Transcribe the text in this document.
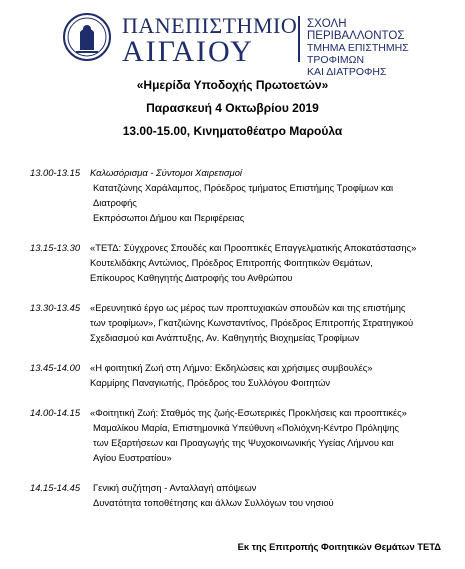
ΠΑΝΕΠΙΣΤΗΜΙΟ
ΑΙΓΑΙΟΥ
ΣΧΟΛΗ ΠΕΡΙΒΑΛΛΟΝΤΟΣ
ΤΜΗΜΑ ΕΠΙΣΤΗΜΗΣ ΤΡΟΦΙΜΩΝ
ΚΑΙ ΔΙΑΤΡΟΦΗΣ
«Ημερίδα Υποδοχής Πρωτοετών»
Παρασκευή 4 Οκτωβρίου 2019
13.00-15.00, Κινηματοθέατρο Μαρούλα
13.00-13.15	Καλωσόρισμα - Σύντομοι Χαιρετισμοί
Κατατζώνης Χαράλαμπος, Πρόεδρος τμήματος Επιστήμης Τροφίμων και
Διατροφής
Εκπρόσωποι Δήμου και Περιφέρειας
13.15-13.30	«ΤΕΤΔ: Σύγχρονες Σπουδές και Προοπτικές Επαγγελματικής Αποκατάστασης»
Κουτελιδάκης Αντώνιος, Πρόεδρος Επιτροπής Φοιτητικών Θεμάτων,
Επίκουρος Καθηγητής Διατροφής του Ανθρώπου
13.30-13.45	«Ερευνητικό έργο ως μέρος των προπτυχιακών σπουδών και της επιστήμης
των τροφίμων», Γκατζιώνης Κωνσταντίνος, Πρόεδρος Επιτροπής Στρατηγικού
Σχεδιασμού και Ανάπτυξης, Αν. Καθηγητής Βιοχημείας Τροφίμων
13.45-14.00	«Η φοιτητική Ζωή στη Λήμνο: Εκδηλώσεις και χρήσιμες συμβουλές»
Καρμίρης Παναγιωτής, Πρόεδρος του Συλλόγου Φοιτητών
14.00-14.15	«Φοιτητική Ζωή: Σταθμός της ζωής-Εσωτερικές Προκλήσεις και προοπτικές»
Μαμαλίκου Μαρία, Επιστημονικά Υπεύθυνη «Πολιόχνη-Κέντρο Πρόληψης
των Εξαρτήσεων και Προαγωγής της Ψυχοκοινωνικής Υγείας Λήμνου και
Αγίου Ευστρατίου»
14.15-14.45	Γενική συζήτηση - Ανταλλαγή απόψεων
Δυνατότητα τοποθέτησης και άλλων Συλλόγων του νησιού
Εκ της Επιτροπής Φοιτητικών Θεμάτων ΤΕΤΔ
